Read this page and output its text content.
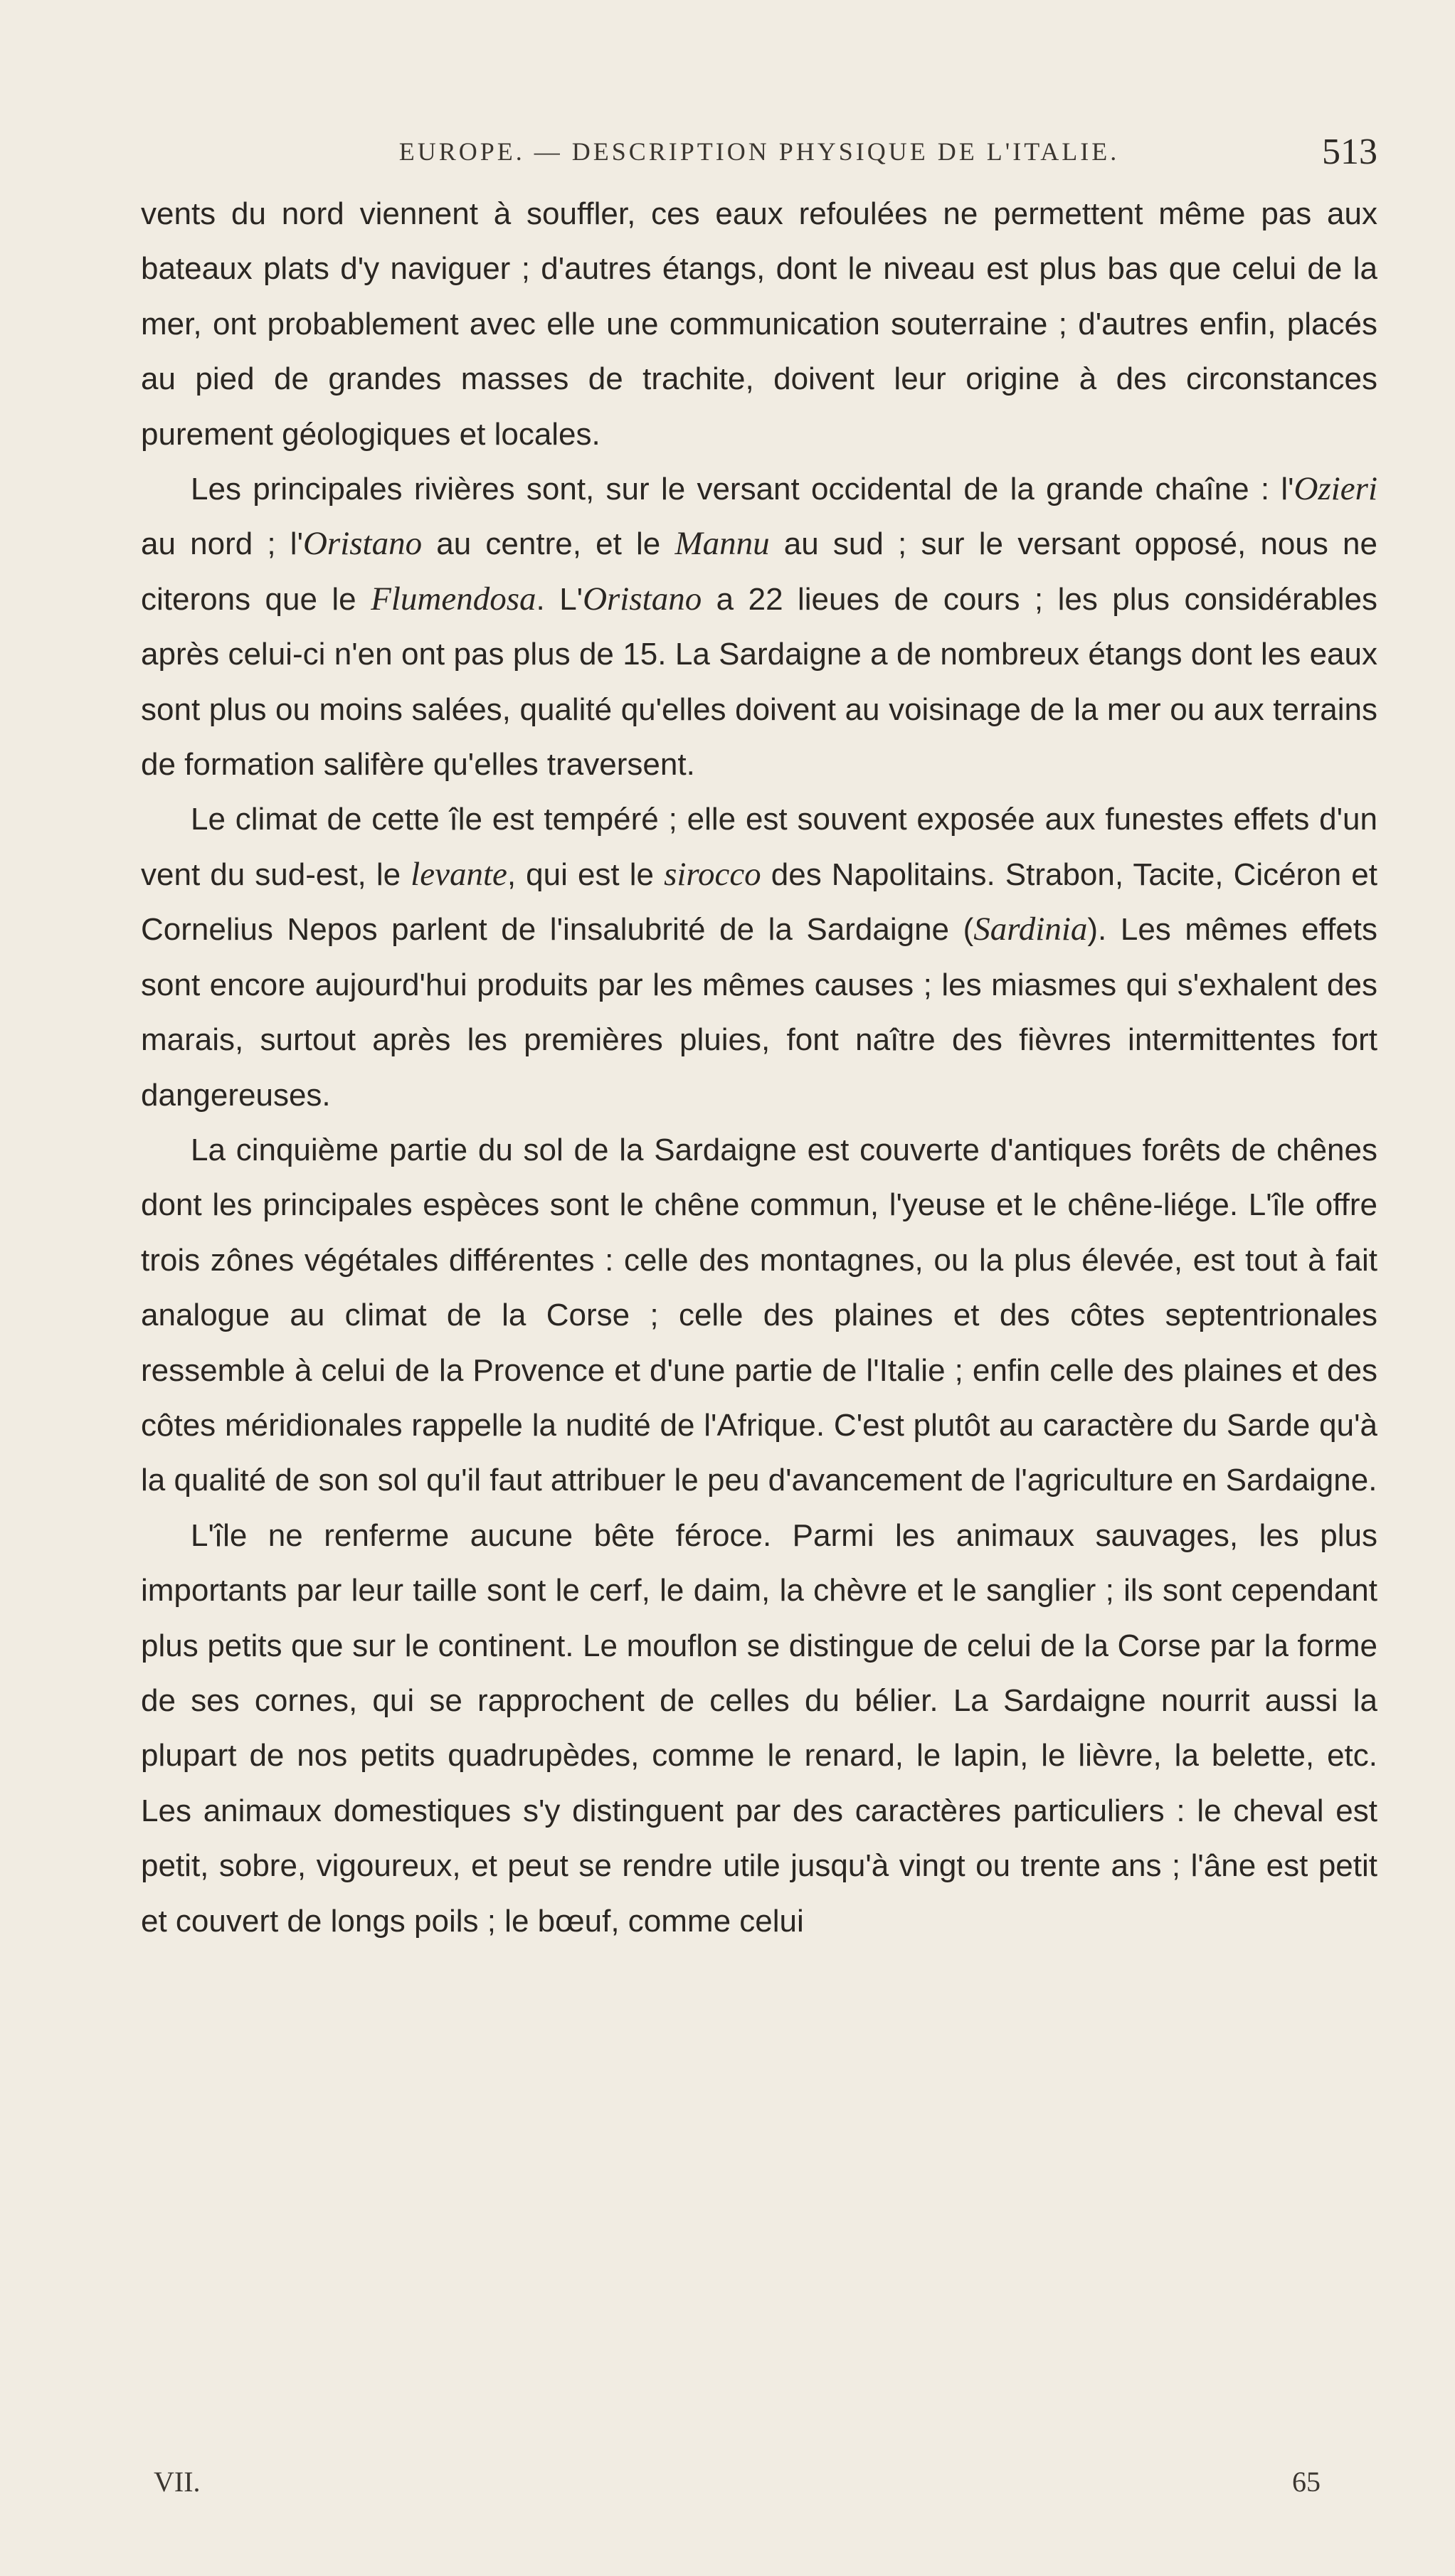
EUROPE. — DESCRIPTION PHYSIQUE DE L'ITALIE.	513

vents du nord viennent à souffler, ces eaux refoulées ne permettent même pas aux bateaux plats d'y naviguer ; d'autres étangs, dont le niveau est plus bas que celui de la mer, ont probablement avec elle une communication souterraine ; d'autres enfin, placés au pied de grandes masses de trachite, doivent leur origine à des circonstances purement géologiques et locales.

Les principales rivières sont, sur le versant occidental de la grande chaîne : l'Ozieri au nord ; l'Oristano au centre, et le Mannu au sud ; sur le versant opposé, nous ne citerons que le Flumendosa. L'Oristano a 22 lieues de cours ; les plus considérables après celui-ci n'en ont pas plus de 15. La Sardaigne a de nombreux étangs dont les eaux sont plus ou moins salées, qualité qu'elles doivent au voisinage de la mer ou aux terrains de formation salifère qu'elles traversent.

Le climat de cette île est tempéré ; elle est souvent exposée aux funestes effets d'un vent du sud-est, le levante, qui est le sirocco des Napolitains. Strabon, Tacite, Cicéron et Cornelius Nepos parlent de l'insalubrité de la Sardaigne (Sardinia). Les mêmes effets sont encore aujourd'hui produits par les mêmes causes ; les miasmes qui s'exhalent des marais, surtout après les premières pluies, font naître des fièvres intermittentes fort dangereuses.

La cinquième partie du sol de la Sardaigne est couverte d'antiques forêts de chênes dont les principales espèces sont le chêne commun, l'yeuse et le chêne-liége. L'île offre trois zônes végétales différentes : celle des montagnes, ou la plus élevée, est tout à fait analogue au climat de la Corse ; celle des plaines et des côtes septentrionales ressemble à celui de la Provence et d'une partie de l'Italie ; enfin celle des plaines et des côtes méridionales rappelle la nudité de l'Afrique. C'est plutôt au caractère du Sarde qu'à la qualité de son sol qu'il faut attribuer le peu d'avancement de l'agriculture en Sardaigne.

L'île ne renferme aucune bête féroce. Parmi les animaux sauvages, les plus importants par leur taille sont le cerf, le daim, la chèvre et le sanglier ; ils sont cependant plus petits que sur le continent. Le mouflon se distingue de celui de la Corse par la forme de ses cornes, qui se rapprochent de celles du bélier. La Sardaigne nourrit aussi la plupart de nos petits quadrupèdes, comme le renard, le lapin, le lièvre, la belette, etc. Les animaux domestiques s'y distinguent par des caractères particuliers : le cheval est petit, sobre, vigoureux, et peut se rendre utile jusqu'à vingt ou trente ans ; l'âne est petit et couvert de longs poils ; le bœuf, comme celui

VII.	65
